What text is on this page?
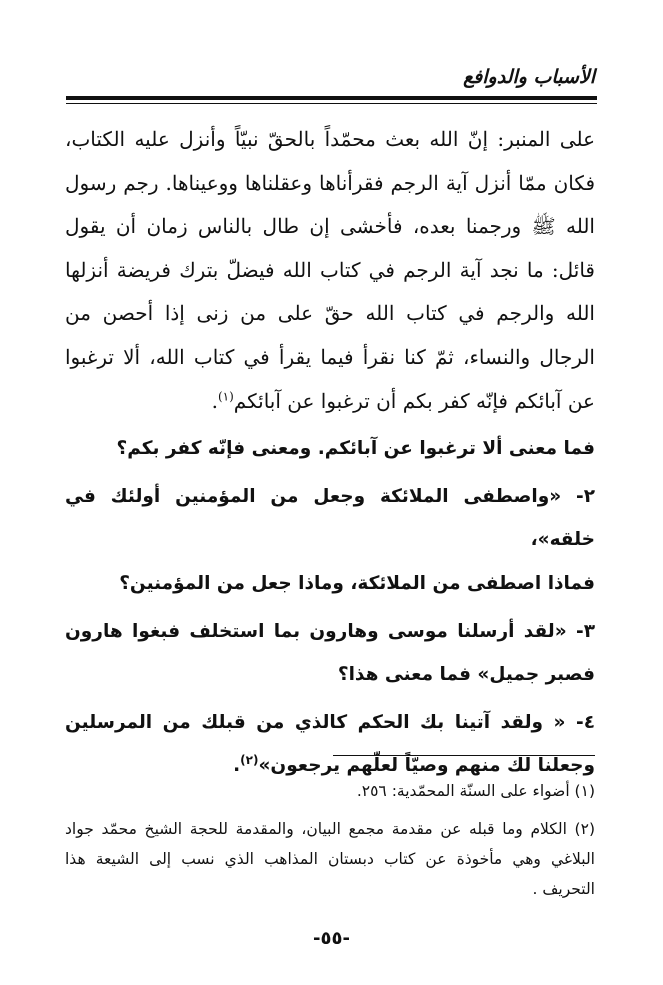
الأسباب والدوافع

على المنبر: إنّ الله بعث محمّداً بالحقّ نبيّاً وأنزل عليه الكتاب، فكان ممّا أنزل آية الرجم فقرأناها وعقلناها ووعيناها. رجم رسول الله ﷺ ورجمنا بعده، فأخشى إن طال بالناس زمان أن يقول قائل: ما نجد آية الرجم في كتاب الله فيضلّ بترك فريضة أنزلها الله والرجم في كتاب الله حقّ على من زنى إذا أحصن من الرجال والنساء، ثمّ كنا نقرأ فيما يقرأ في كتاب الله، ألا ترغبوا عن آبائكم فإنّه كفر بكم أن ترغبوا عن آبائكم$^{(١)}$.

فما معنى ألا ترغبوا عن آبائكم. ومعنى فإنّه كفر بكم؟

٢- «واصطفى الملائكة وجعل من المؤمنين أولئك في خلقه»،

فماذا اصطفى من الملائكة، وماذا جعل من المؤمنين؟

٣- «لقد أرسلنا موسى وهارون بما استخلف فبغوا هارون فصبر جميل» فما معنى هذا؟

٤- « ولقد آتينا بك الحكم كالذي من قبلك من المرسلين وجعلنا لك منهم وصيّاً لعلّهم يرجعون»$^{(٢)}$.

(١) أضواء على السنّة المحمّدية: ٢٥٦.

(٢) الكلام وما قبله عن مقدمة مجمع البيان، والمقدمة للحجة الشيخ محمّد جواد البلاغي وهي مأخوذة عن كتاب دبستان المذاهب الذي نسب إلى الشيعة هذا التحريف .

-٥٥-
